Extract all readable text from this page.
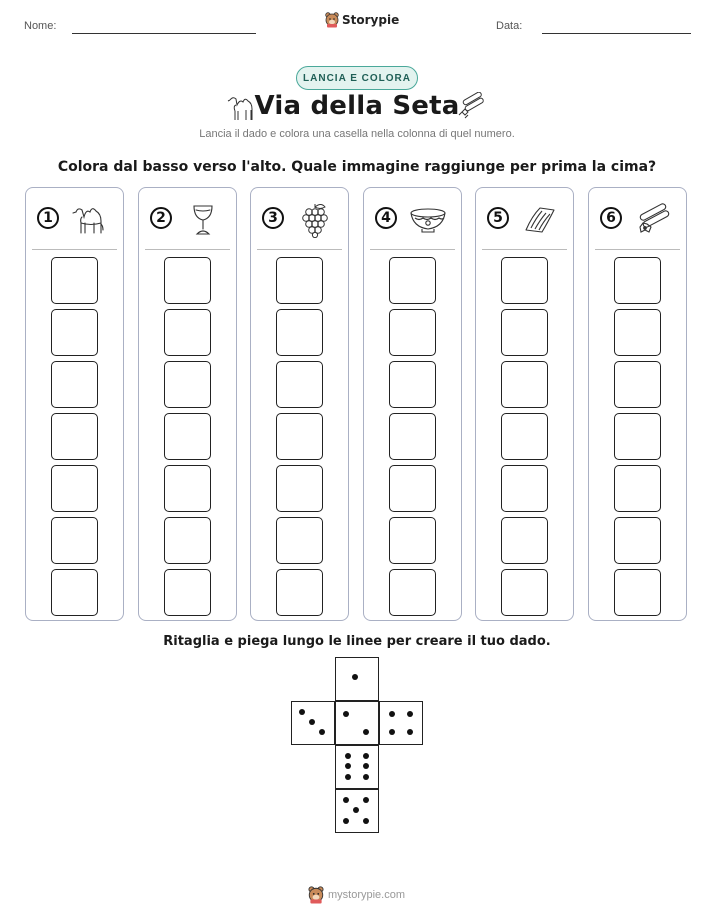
Nome:	Storypie	Data:
LANCIA E COLORA
Via della Seta
Lancia il dado e colora una casella nella colonna di quel numero.
Colora dal basso verso l'alto. Quale immagine raggiunge per prima la cima?
1	2	3	4	5	6
Ritaglia e piega lungo le linee per creare il tuo dado.
mystorypie.com
